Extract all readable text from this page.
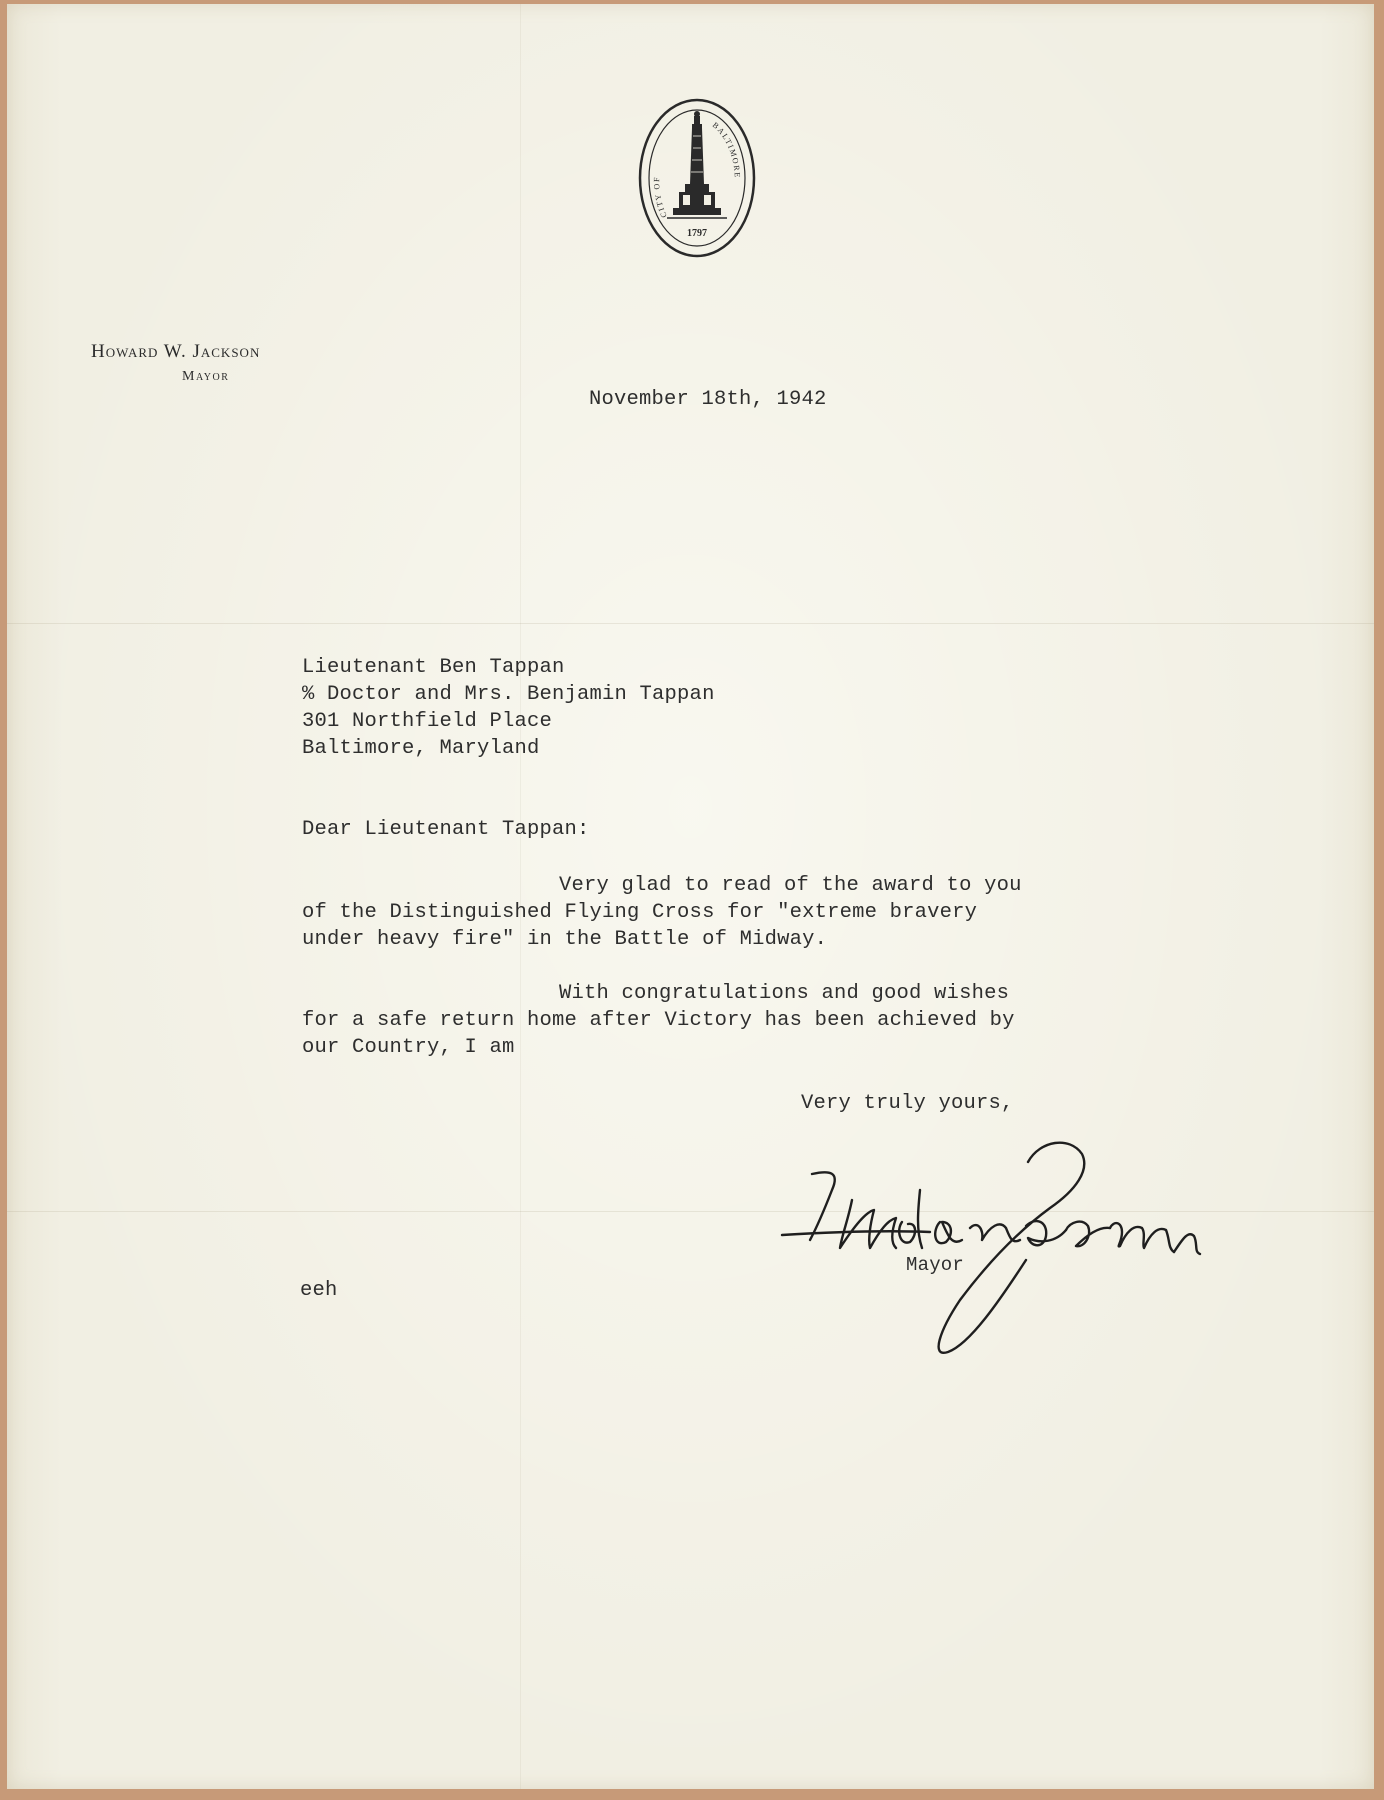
CITY OF
BALTIMORE
1797
Howard W. Jackson
Mayor
November 18th, 1942
Lieutenant Ben Tappan
% Doctor and Mrs. Benjamin Tappan
301 Northfield Place
Baltimore, Maryland
Dear Lieutenant Tappan:
Very glad to read of the award to you
of the Distinguished Flying Cross for "extreme bravery
under heavy fire" in the Battle of Midway.
With congratulations and good wishes
for a safe return home after Victory has been achieved by
our Country, I am
Very truly yours,
Mayor
eeh
